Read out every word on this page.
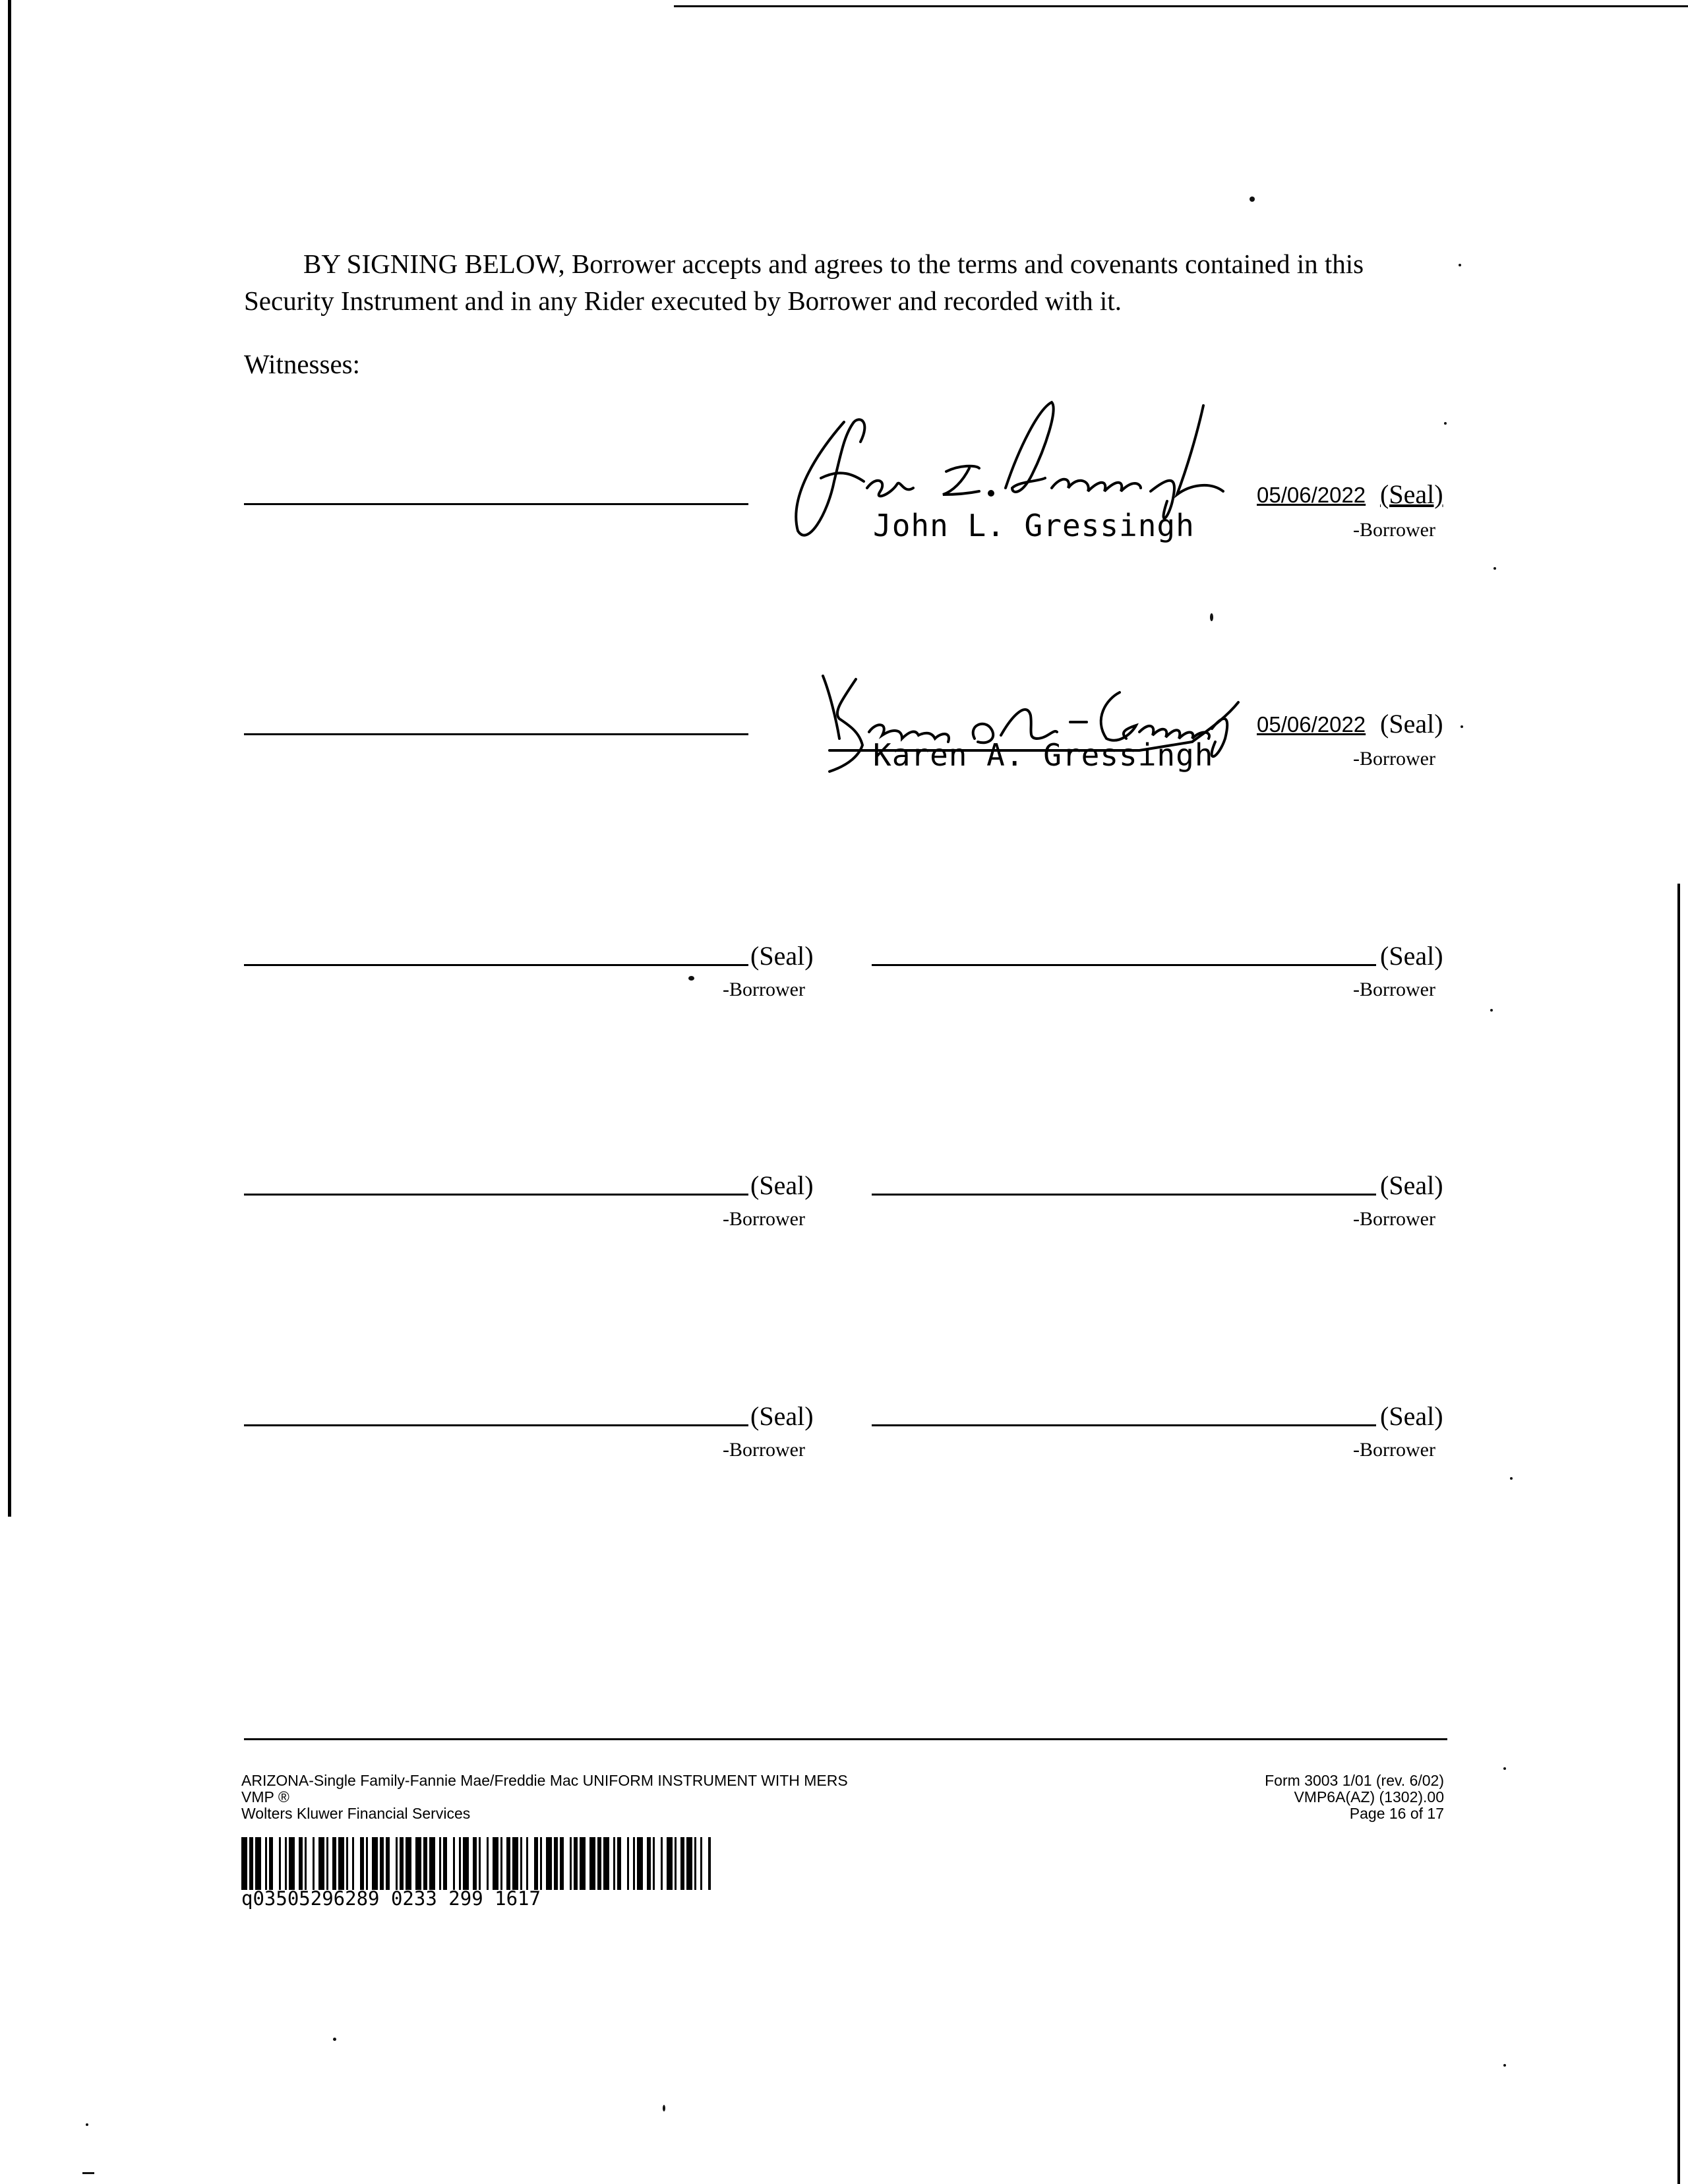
BY SIGNING BELOW, Borrower accepts and agrees to the terms and covenants contained in this Security Instrument and in any Rider executed by Borrower and recorded with it.

Witnesses:
John L. Gressingh
05/06/2022 (Seal)
-Borrower
Karen A. Gressingh
05/06/2022 (Seal)
-Borrower
(Seal)
-Borrower
(Seal)
-Borrower
(Seal)
-Borrower
(Seal)
-Borrower
(Seal)
-Borrower
(Seal)
-Borrower
ARIZONA-Single Family-Fannie Mae/Freddie Mac UNIFORM INSTRUMENT WITH MERS
VMP ®
Wolters Kluwer Financial Services
Form 3003 1/01 (rev. 6/02)
VMP6A(AZ) (1302).00
Page 16 of 17
q03505296289 0233 299 1617
